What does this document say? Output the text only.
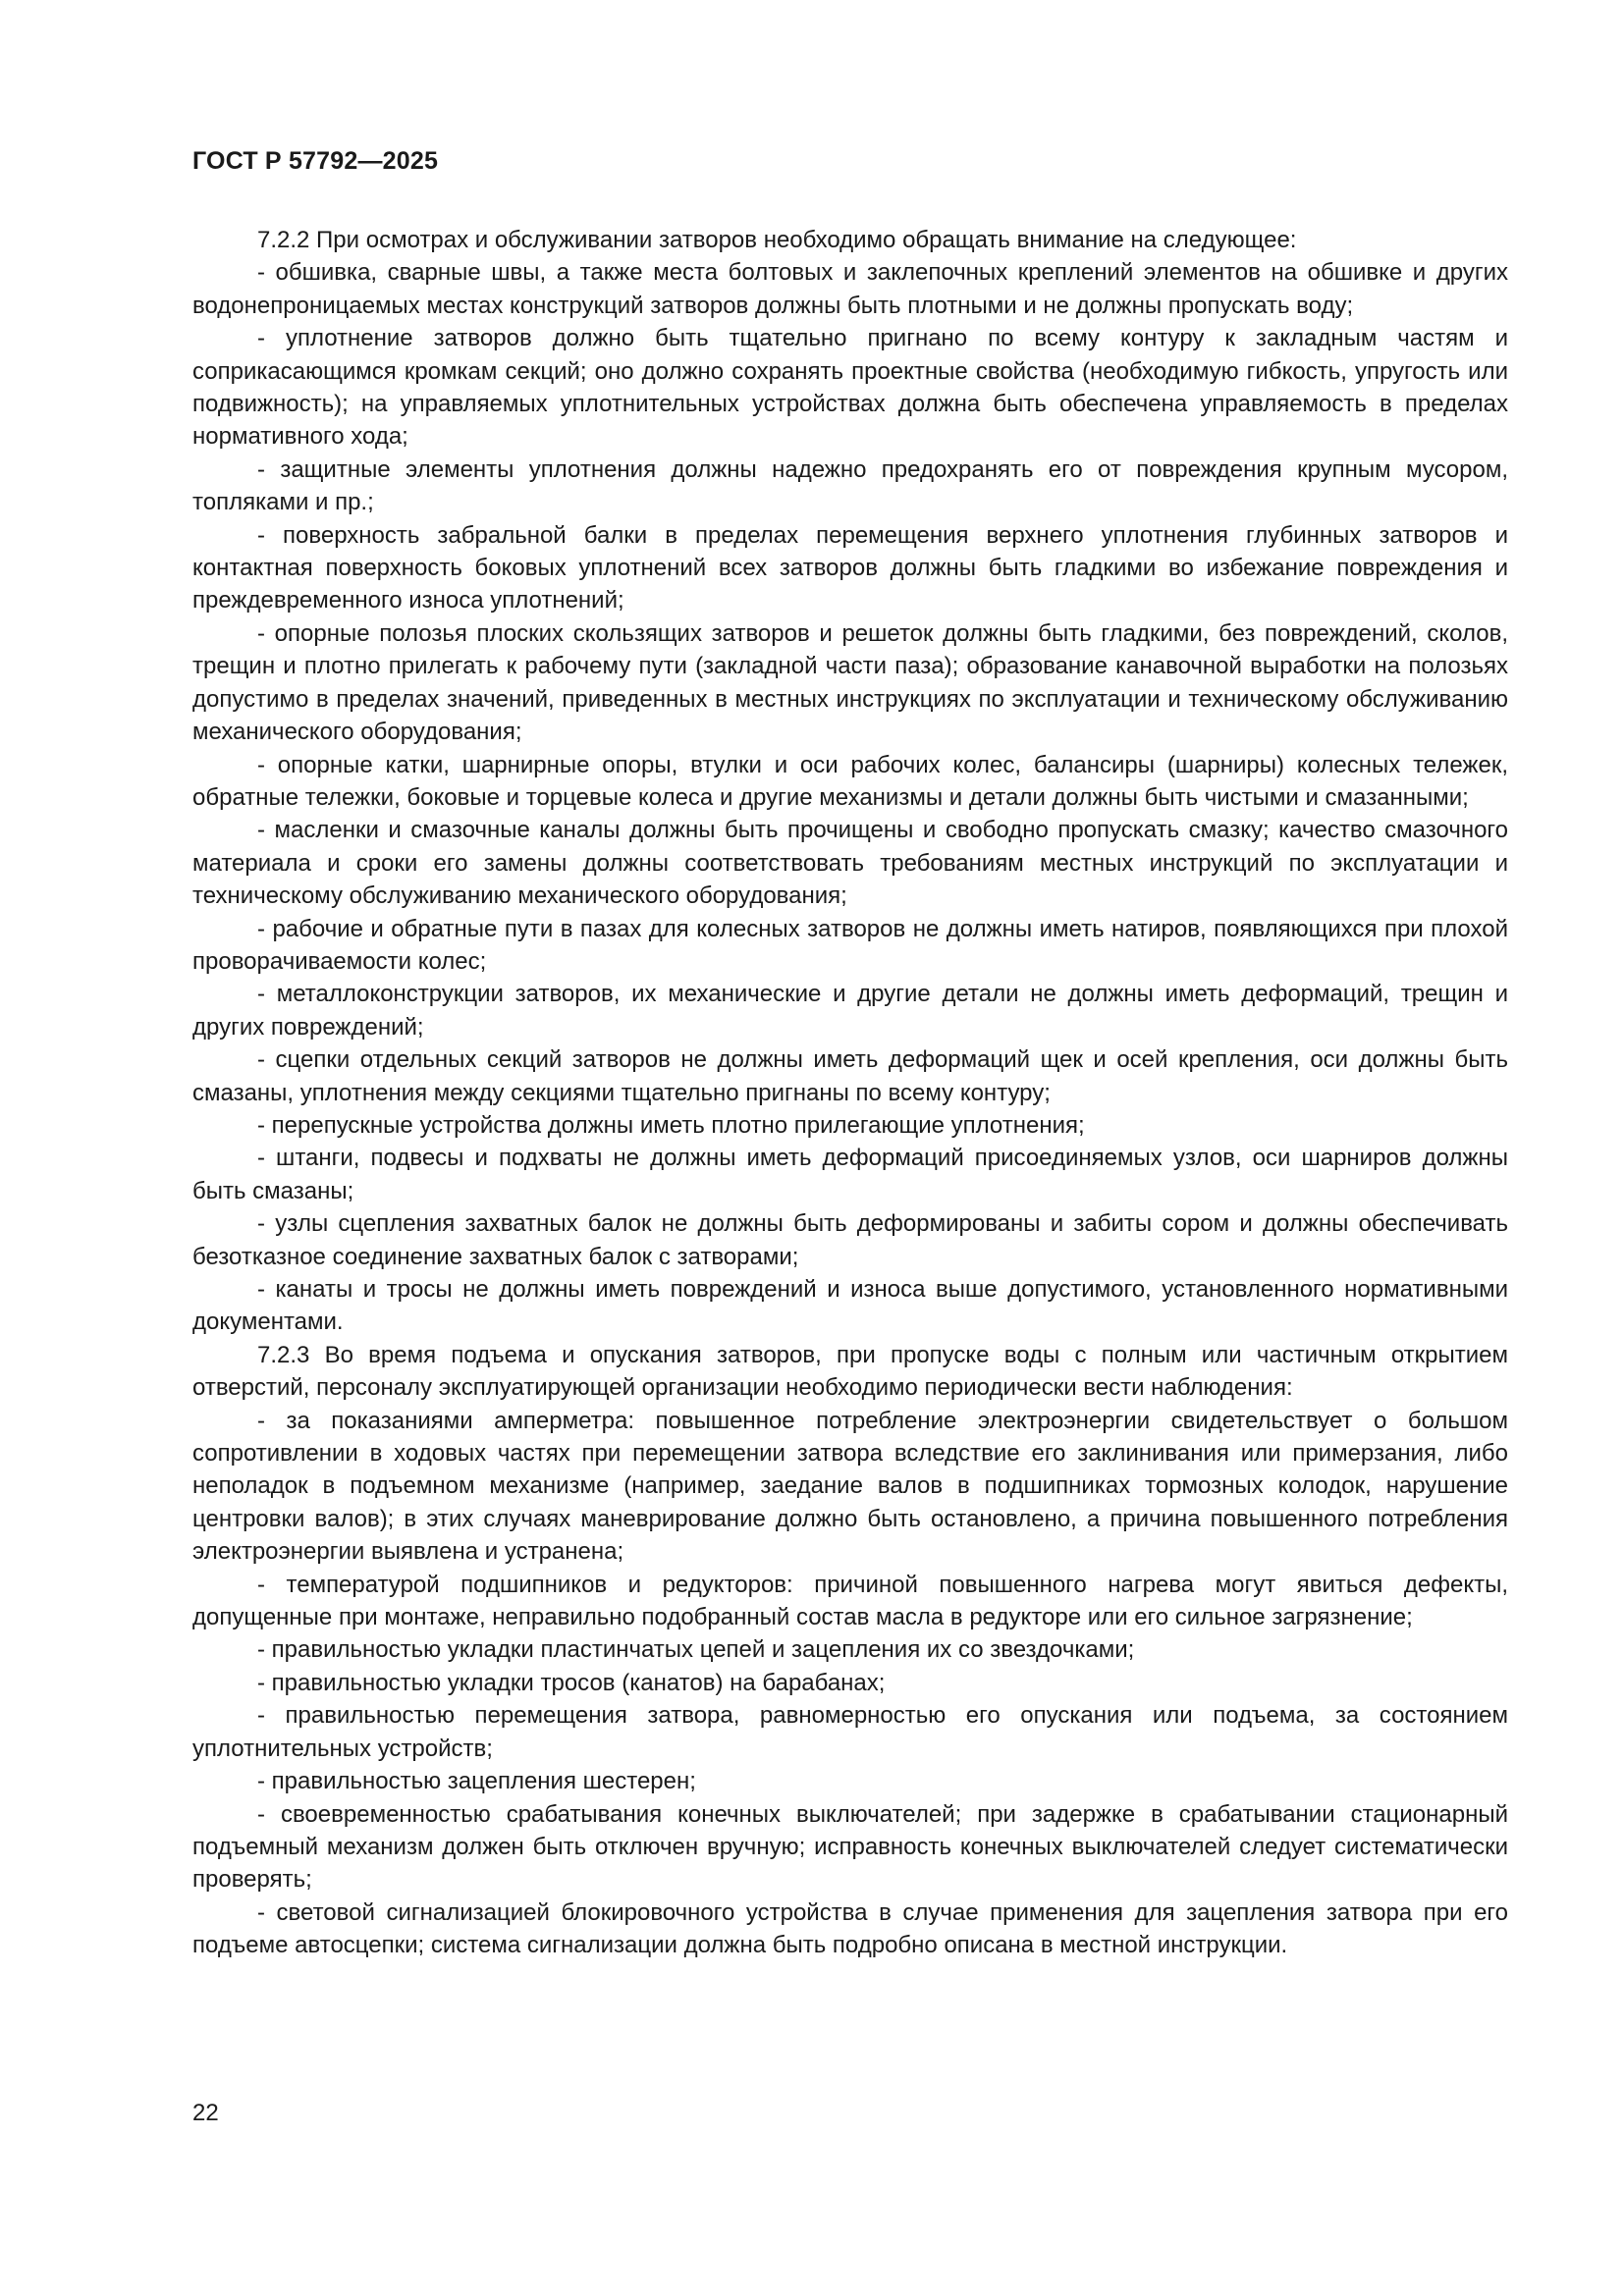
ГОСТ Р 57792—2025

7.2.2 При осмотрах и обслуживании затворов необходимо обращать внимание на следующее:

- обшивка, сварные швы, а также места болтовых и заклепочных креплений элементов на обшивке и других водонепроницаемых местах конструкций затворов должны быть плотными и не должны пропускать воду;

- уплотнение затворов должно быть тщательно пригнано по всему контуру к закладным частям и соприкасающимся кромкам секций; оно должно сохранять проектные свойства (необходимую гибкость, упругость или подвижность); на управляемых уплотнительных устройствах должна быть обеспечена управляемость в пределах нормативного хода;

- защитные элементы уплотнения должны надежно предохранять его от повреждения крупным мусором, топляками и пр.;

- поверхность забральной балки в пределах перемещения верхнего уплотнения глубинных затворов и контактная поверхность боковых уплотнений всех затворов должны быть гладкими во избежание повреждения и преждевременного износа уплотнений;

- опорные полозья плоских скользящих затворов и решеток должны быть гладкими, без повреждений, сколов, трещин и плотно прилегать к рабочему пути (закладной части паза); образование канавочной выработки на полозьях допустимо в пределах значений, приведенных в местных инструкциях по эксплуатации и техническому обслуживанию механического оборудования;

- опорные катки, шарнирные опоры, втулки и оси рабочих колес, балансиры (шарниры) колесных тележек, обратные тележки, боковые и торцевые колеса и другие механизмы и детали должны быть чистыми и смазанными;

- масленки и смазочные каналы должны быть прочищены и свободно пропускать смазку; качество смазочного материала и сроки его замены должны соответствовать требованиям местных инструкций по эксплуатации и техническому обслуживанию механического оборудования;

- рабочие и обратные пути в пазах для колесных затворов не должны иметь натиров, появляющихся при плохой проворачиваемости колес;

- металлоконструкции затворов, их механические и другие детали не должны иметь деформаций, трещин и других повреждений;

- сцепки отдельных секций затворов не должны иметь деформаций щек и осей крепления, оси должны быть смазаны, уплотнения между секциями тщательно пригнаны по всему контуру;

- перепускные устройства должны иметь плотно прилегающие уплотнения;

- штанги, подвесы и подхваты не должны иметь деформаций присоединяемых узлов, оси шарниров должны быть смазаны;

- узлы сцепления захватных балок не должны быть деформированы и забиты сором и должны обеспечивать безотказное соединение захватных балок с затворами;

- канаты и тросы не должны иметь повреждений и износа выше допустимого, установленного нормативными документами.

7.2.3 Во время подъема и опускания затворов, при пропуске воды с полным или частичным открытием отверстий, персоналу эксплуатирующей организации необходимо периодически вести наблюдения:

- за показаниями амперметра: повышенное потребление электроэнергии свидетельствует о большом сопротивлении в ходовых частях при перемещении затвора вследствие его заклинивания или примерзания, либо неполадок в подъемном механизме (например, заедание валов в подшипниках тормозных колодок, нарушение центровки валов); в этих случаях маневрирование должно быть остановлено, а причина повышенного потребления электроэнергии выявлена и устранена;

- температурой подшипников и редукторов: причиной повышенного нагрева могут явиться дефекты, допущенные при монтаже, неправильно подобранный состав масла в редукторе или его сильное загрязнение;

- правильностью укладки пластинчатых цепей и зацепления их со звездочками;

- правильностью укладки тросов (канатов) на барабанах;

- правильностью перемещения затвора, равномерностью его опускания или подъема, за состоянием уплотнительных устройств;

- правильностью зацепления шестерен;

- своевременностью срабатывания конечных выключателей; при задержке в срабатывании стационарный подъемный механизм должен быть отключен вручную; исправность конечных выключателей следует систематически проверять;

- световой сигнализацией блокировочного устройства в случае применения для зацепления затвора при его подъеме автосцепки; система сигнализации должна быть подробно описана в местной инструкции.

22
